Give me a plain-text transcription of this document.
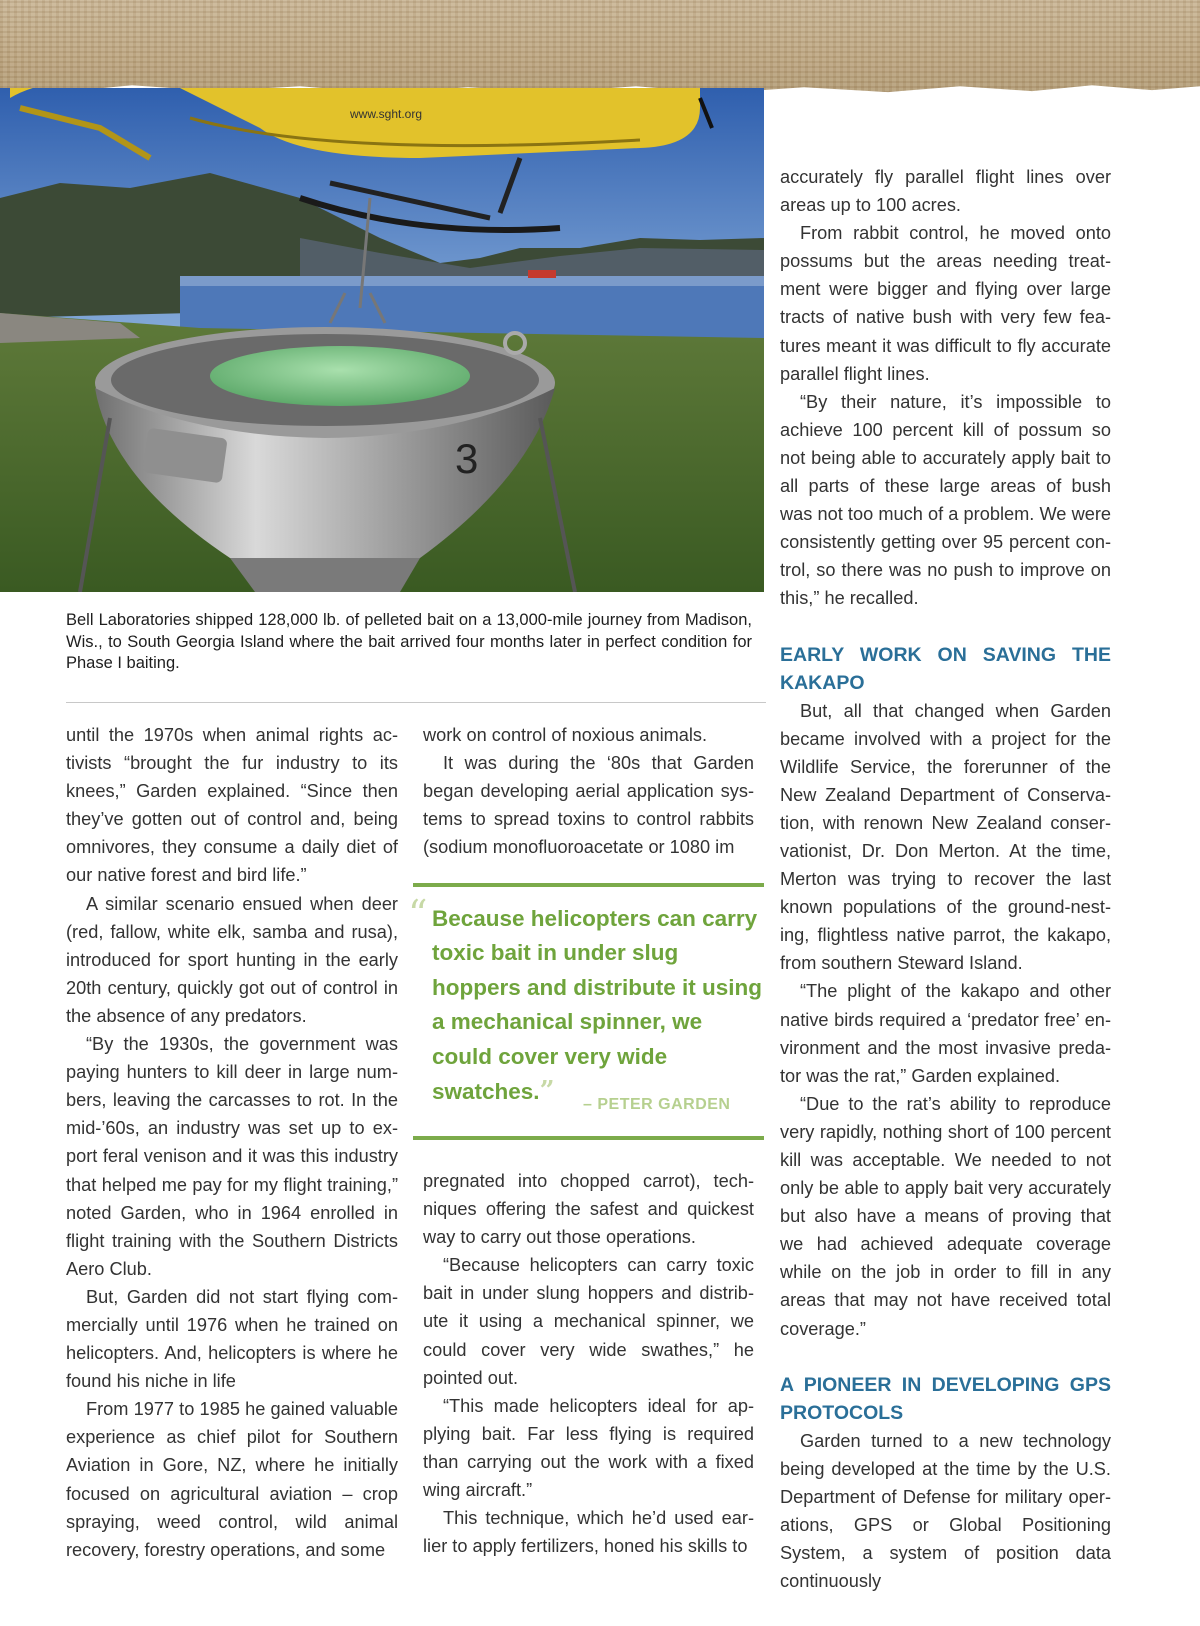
www.sght.org
3
Bell Laboratories shipped 128,000 lb. of pelleted bait on a 13,000-mile journey from Madison, Wis., to South Georgia Island where the bait arrived four months later in perfect condition for Phase I baiting.

until the 1970s when animal rights activists “brought the fur industry to its knees,” Garden explained. “Since then they’ve gotten out of control and, being omnivores, they consume a daily diet of our native forest and bird life.”

A similar scenario ensued when deer (red, fallow, white elk, samba and rusa), introduced for sport hunting in the early 20th century, quickly got out of control in the absence of any predators.

“By the 1930s, the government was paying hunters to kill deer in large numbers, leaving the carcasses to rot. In the mid-’60s, an industry was set up to export feral venison and it was this industry that helped me pay for my flight training,” noted Garden, who in 1964 enrolled in flight training with the Southern Districts Aero Club.

But, Garden did not start flying commercially until 1976 when he trained on helicopters. And, helicopters is where he found his niche in life

From 1977 to 1985 he gained valuable experience as chief pilot for Southern Aviation in Gore, NZ, where he initially focused on agricultural aviation – crop spraying, weed control, wild animal recovery, forestry operations, and some

work on control of noxious animals.

It was during the ‘80s that Garden began developing aerial application systems to spread toxins to control rabbits (sodium monofluoroacetate or 1080 im

“ Because helicopters can carry toxic bait in under slug hoppers and distribute it using a mechanical spinner, we could cover very wide swatches.”	– PETER GARDEN

pregnated into chopped carrot), techniques offering the safest and quickest way to carry out those operations.

“Because helicopters can carry toxic bait in under slung hoppers and distribute it using a mechanical spinner, we could cover very wide swathes,” he pointed out.

“This made helicopters ideal for applying bait. Far less flying is required than carrying out the work with a fixed wing aircraft.”

This technique, which he’d used earlier to apply fertilizers, honed his skills to

accurately fly parallel flight lines over areas up to 100 acres.

From rabbit control, he moved onto possums but the areas needing treatment were bigger and flying over large tracts of native bush with very few features meant it was difficult to fly accurate parallel flight lines.

“By their nature, it’s impossible to achieve 100 percent kill of possum so not being able to accurately apply bait to all parts of these large areas of bush was not too much of a problem. We were consistently getting over 95 percent control, so there was no push to improve on this,” he recalled.

EARLY WORK ON SAVING THE KAKAPO

But, all that changed when Garden became involved with a project for the Wildlife Service, the forerunner of the New Zealand Department of Conservation, with renown New Zealand conservationist, Dr. Don Merton. At the time, Merton was trying to recover the last known populations of the ground-nesting, flightless native parrot, the kakapo, from southern Steward Island.

“The plight of the kakapo and other native birds required a ‘predator free’ environment and the most invasive predator was the rat,” Garden explained.

“Due to the rat’s ability to reproduce very rapidly, nothing short of 100 percent kill was acceptable. We needed to not only be able to apply bait very accurately but also have a means of proving that we had achieved adequate coverage while on the job in order to fill in any areas that may not have received total coverage.”

A PIONEER IN DEVELOPING GPS PROTOCOLS

Garden turned to a new technology being developed at the time by the U.S. Department of Defense for military operations, GPS or Global Positioning System, a system of position data continuously
